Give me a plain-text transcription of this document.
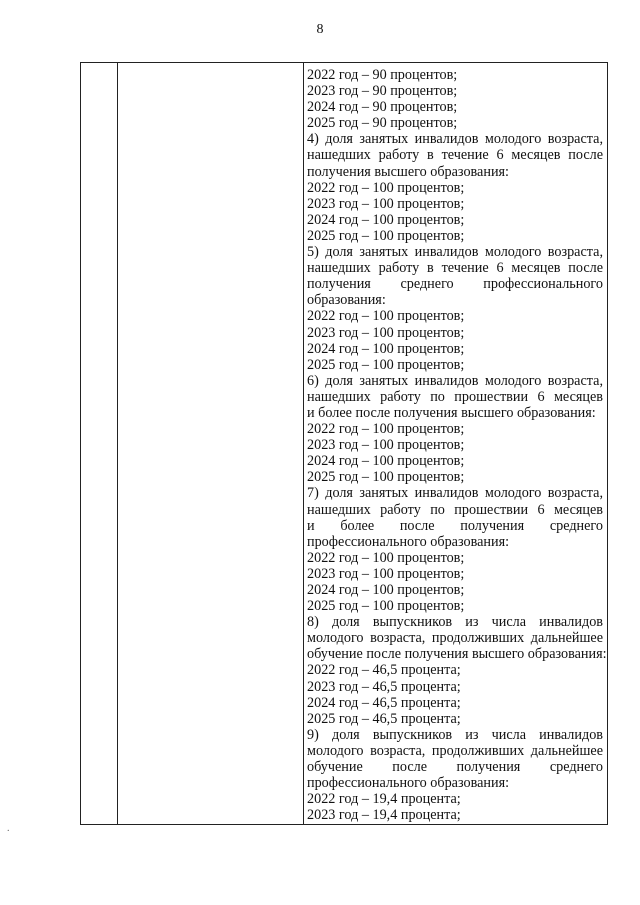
8
2022 год – 90 процентов;
2023 год – 90 процентов;
2024 год – 90 процентов;
2025 год – 90 процентов;
4) доля занятых инвалидов молодого возраста,
нашедших работу в течение 6 месяцев после
получения высшего образования:
2022 год – 100 процентов;
2023 год – 100 процентов;
2024 год – 100 процентов;
2025 год – 100 процентов;
5) доля занятых инвалидов молодого возраста,
нашедших работу в течение 6 месяцев после
получения среднего профессионального
образования:
2022 год – 100 процентов;
2023 год – 100 процентов;
2024 год – 100 процентов;
2025 год – 100 процентов;
6) доля занятых инвалидов молодого возраста,
нашедших работу по прошествии 6 месяцев
и более после получения высшего образования:
2022 год – 100 процентов;
2023 год – 100 процентов;
2024 год – 100 процентов;
2025 год – 100 процентов;
7) доля занятых инвалидов молодого возраста,
нашедших работу по прошествии 6 месяцев
и более после получения среднего
профессионального образования:
2022 год – 100 процентов;
2023 год – 100 процентов;
2024 год – 100 процентов;
2025 год – 100 процентов;
8) доля выпускников из числа инвалидов
молодого возраста, продолживших дальнейшее
обучение после получения высшего образования:
2022 год – 46,5 процента;
2023 год – 46,5 процента;
2024 год – 46,5 процента;
2025 год – 46,5 процента;
9) доля выпускников из числа инвалидов
молодого возраста, продолживших дальнейшее
обучение после получения среднего
профессионального образования:
2022 год – 19,4 процента;
2023 год – 19,4 процента;
.
